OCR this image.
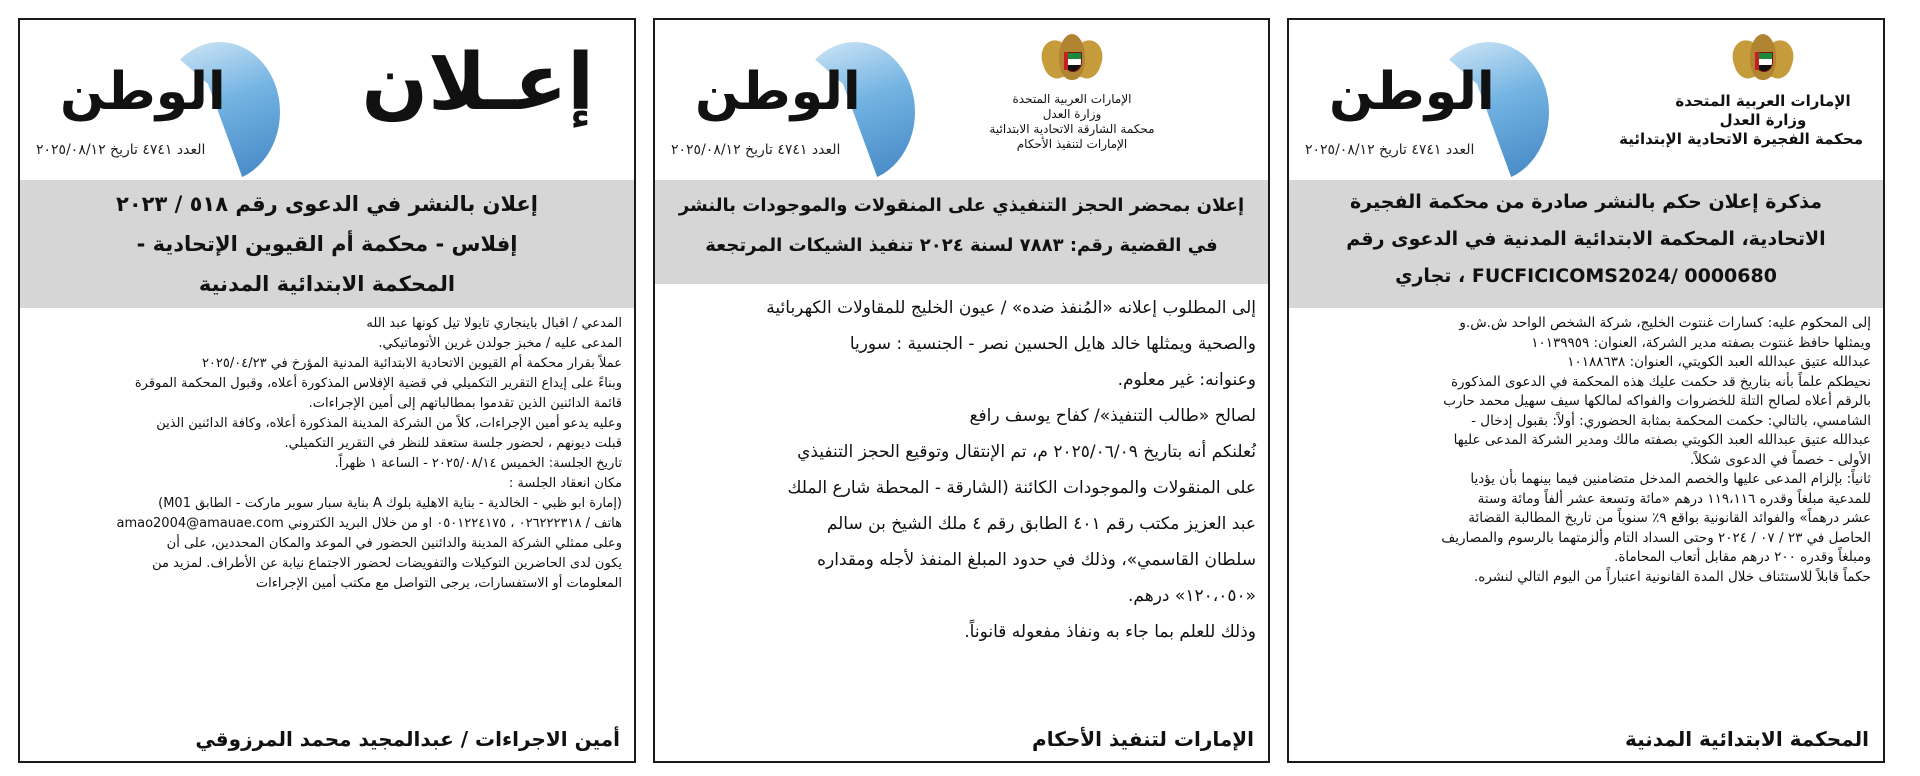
الوطن
العدد ٤٧٤١ تاريخ ٢٠٢٥/٠٨/١٢
الإمارات العربية المتحدة
وزارة العدل
محكمة الفجيرة الاتحادية الإبتدائية
مذكرة إعلان حكم بالنشر صادرة من محكمة الفجيرة
الاتحادية، المحكمة الابتدائية المدنية في الدعوى رقم
FUCFICICOMS2024/ 0000680 ، تجاري

إلى المحكوم عليه: كسارات غنتوت الخليج، شركة الشخص الواحد ش.ش.و

ويمثلها حافظ غنتوت بصفته مدير الشركة، العنوان: ١٠١٣٩٩٥٩

عبدالله عتيق عبدالله العبد الكويتي، العنوان: ١٠١٨٨٦٣٨

نحيطكم علماً بأنه بتاريخ قد حكمت عليك هذه المحكمة في الدعوى المذكورة

بالرقم أعلاه لصالح التلة للخضروات والفواكه لمالكها سيف سهيل محمد حارب

الشامسي، بالتالي: حكمت المحكمة بمثابة الحضوري: أولاً: بقبول إدخال -

عبدالله عتيق عبدالله العبد الكويتي بصفته مالك ومدير الشركة المدعى عليها

الأولى - خصماً في الدعوى شكلاً.

ثانياً: بإلزام المدعى عليها والخصم المدخل متضامنين فيما بينهما بأن يؤديا

للمدعية مبلغاً وقدره ١١٩،١١٦ درهم «مائة وتسعة عشر ألفاً ومائة وستة

عشر درهماً» والفوائد القانونية بواقع ٩٪ سنوياً من تاريخ المطالبة القضائة

الحاصل في ٢٣ / ٠٧ / ٢٠٢٤ وحتى السداد التام وألزمتهما بالرسوم والمصاريف

ومبلغاً وقدره ٢٠٠ درهم مقابل أتعاب المحاماة.

حكماً قابلاً للاستئناف خلال المدة القانونية اعتباراً من اليوم التالي لنشره.

المحكمة الابتدائية المدنية
الوطن
العدد ٤٧٤١ تاريخ ٢٠٢٥/٠٨/١٢
الإمارات العربية المتحدة
وزارة العدل
محكمة الشارقة الاتحادية الابتدائية
الإمارات لتنفيذ الأحكام
إعلان بمحضر الحجز التنفيذي على المنقولات والموجودات بالنشر
في القضية رقم: ٧٨٨٣ لسنة ٢٠٢٤ تنفيذ الشيكات المرتجعة

إلى المطلوب إعلانه «المُنفذ ضده» / عيون الخليج للمقاولات الكهربائية

والصحية ويمثلها خالد هايل الحسين نصر - الجنسية : سوريا

وعنوانه: غير معلوم.

لصالح «طالب التنفيذ»/ كفاح يوسف رافع

نُعلنكم أنه بتاريخ ٢٠٢٥/٠٦/٠٩ م، تم الإنتقال وتوقيع الحجز التنفيذي

على المنقولات والموجودات الكائنة (الشارقة - المحطة شارع الملك

عبد العزيز مكتب رقم ٤٠١ الطابق رقم ٤ ملك الشيخ بن سالم

سلطان القاسمي»، وذلك في حدود المبلغ المنفذ لأجله ومقداره

«١٢٠،٠٥٠» درهم.

وذلك للعلم بما جاء به ونفاذ مفعوله قانوناً.

الإمارات لتنفيذ الأحكام
الوطن
العدد ٤٧٤١ تاريخ ٢٠٢٥/٠٨/١٢
إعـلان
إعلان بالنشر في الدعوى رقم ٥١٨ / ٢٠٢٣
إفلاس - محكمة أم القيوين الإتحادية -
المحكمة الابتدائية المدنية

المدعي / اقبال باينجاري تايولا تيل كونها عبد الله

المدعى عليه / مخبز جولدن غرين الأتوماتيكي.

عملاً بقرار محكمة أم القيوين الاتحادية الابتدائية المدنية المؤرخ في ٢٠٢٥/٠٤/٢٣

وبناءً على إيداع التقرير التكميلي في قضية الإفلاس المذكورة أعلاه، وقبول المحكمة الموقرة

قائمة الدائنين الذين تقدموا بمطالباتهم إلى أمين الإجراءات.

وعليه يدعو أمين الإجراءات، كلاً من الشركة المدينة المذكورة أعلاه، وكافة الدائنين الذين

قبلت ديونهم ، لحضور جلسة ستعقد للنظر في التقرير التكميلي.

تاريخ الجلسة: الخميس ٢٠٢٥/٠٨/١٤ - الساعة ١ ظهراً.

مكان انعقاد الجلسة :

(إمارة ابو ظبي - الخالدية - بناية الاهلية بلوك A بناية سبار سوبر ماركت - الطابق M01)

هاتف / ٠٢٦٢٢٢٣١٨ ، ٠٥٠١٢٢٤١٧٥ او من خلال البريد الكتروني amao2004@amauae.com

وعلى ممثلي الشركة المدينة والدائنين الحضور في الموعد والمكان المحددين، على أن

يكون لدى الحاضرين التوكيلات والتفويضات لحضور الاجتماع نيابة عن الأطراف. لمزيد من

المعلومات أو الاستفسارات، يرجى التواصل مع مكتب أمين الإجراءات

أمين الاجراءات / عبدالمجيد محمد المرزوقي
